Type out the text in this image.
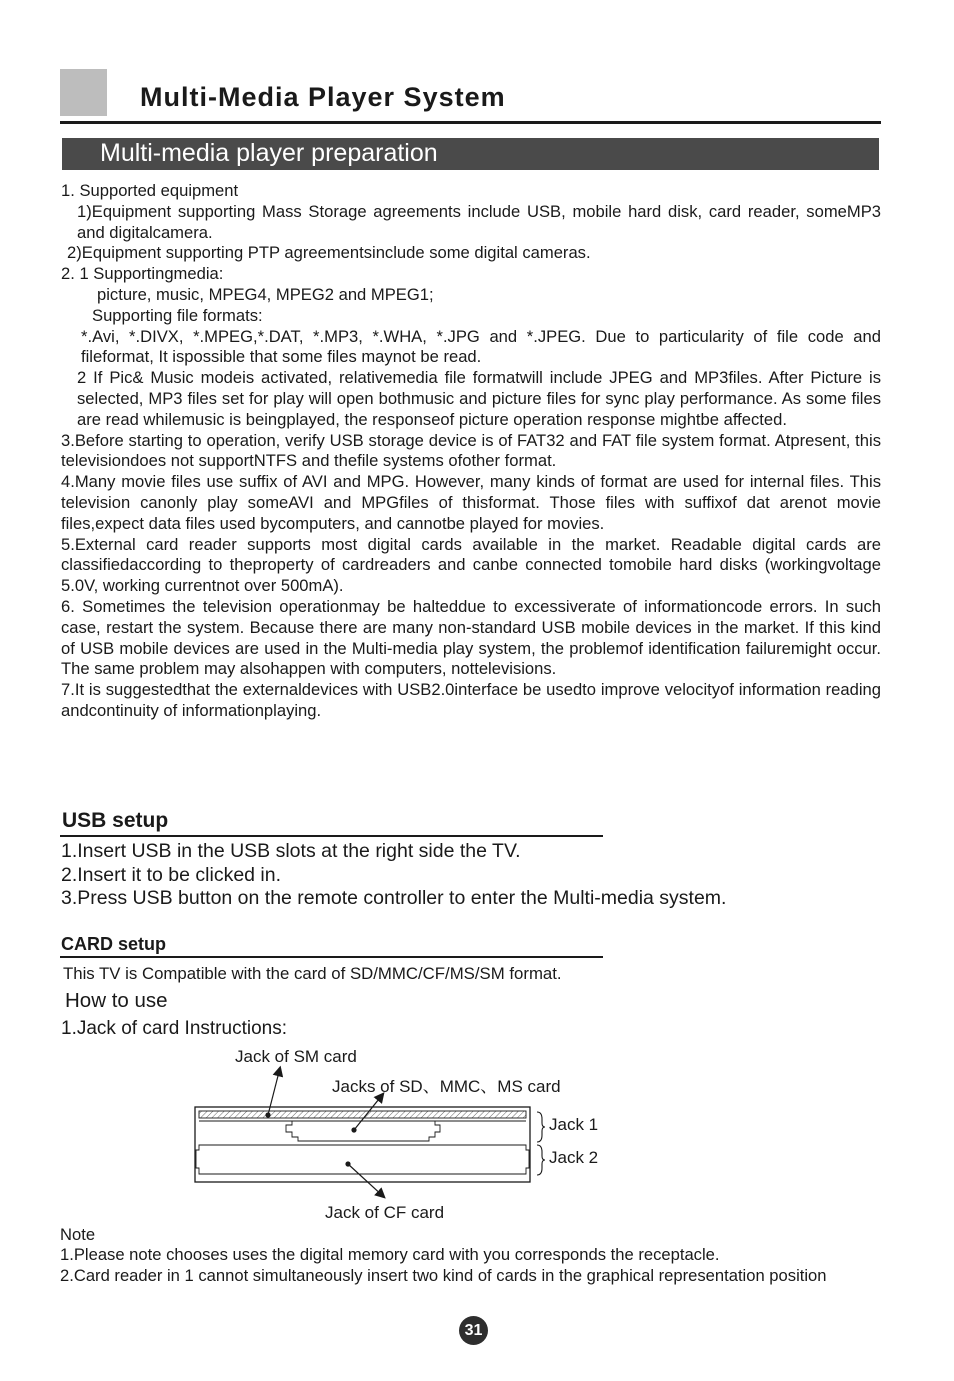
Multi-Media Player System
Multi-media player preparation

1. Supported equipment

1)Equipment supporting Mass Storage agreements include USB, mobile hard disk, card reader, someMP3 and digitalcamera.

2)Equipment supporting PTP agreementsinclude some digital cameras.

2. 1 Supportingmedia:

picture, music, MPEG4, MPEG2 and MPEG1;

Supporting file formats:

*.Avi, *.DIVX, *.MPEG,*.DAT, *.MP3, *.WHA, *.JPG and *.JPEG. Due to particularity of file code and fileformat, It ispossible that some files maynot be read.

2 If Pic& Music modeis activated, relativemedia file formatwill include JPEG and MP3files. After Picture is selected, MP3 files set for play will open bothmusic and picture files for sync play performance. As some files are read whilemusic is beingplayed, the responseof picture operation response mightbe affected.

3.Before starting to operation, verify USB storage device is of FAT32 and FAT file system format. Atpresent, this televisiondoes not supportNTFS and thefile systems ofother format.

4.Many movie files use suffix of AVI and MPG. However, many kinds of format are used for internal files. This television canonly play someAVI and MPGfiles of thisformat. Those files with suffixof dat arenot movie files,expect data files used bycomputers, and cannotbe played for movies.

5.External card reader supports most digital cards available in the market. Readable digital cards are classifiedaccording to theproperty of cardreaders and canbe connected tomobile hard disks (workingvoltage 5.0V, working currentnot over 500mA).

6. Sometimes the television operationmay be halteddue to excessiverate of informationcode errors. In such case, restart the system. Because there are many non-standard USB mobile devices in the market. If this kind of USB mobile devices are used in the Multi-media play system, the problemof identification failuremight occur. The same problem may alsohappen with computers, nottelevisions.

7.It is suggestedthat the externaldevices with USB2.0interface be usedto improve velocityof information reading andcontinuity of informationplaying.

USB setup

1.Insert USB in the USB slots at the right side the TV.

2.Insert it to be clicked in.

3.Press USB button on the remote controller to enter the Multi-media system.

CARD setup
This TV is Compatible with the card of SD/MMC/CF/MS/SM format.
How to use
1.Jack of card Instructions:
Jack of SM card
Jacks of SD、MMC、MS card
Jack 1
Jack 2
Jack of CF card

Note

1.Please note chooses uses the digital memory card with you corresponds the receptacle.

2.Card reader in 1 cannot simultaneously insert two kind of cards in the graphical representation position

31
